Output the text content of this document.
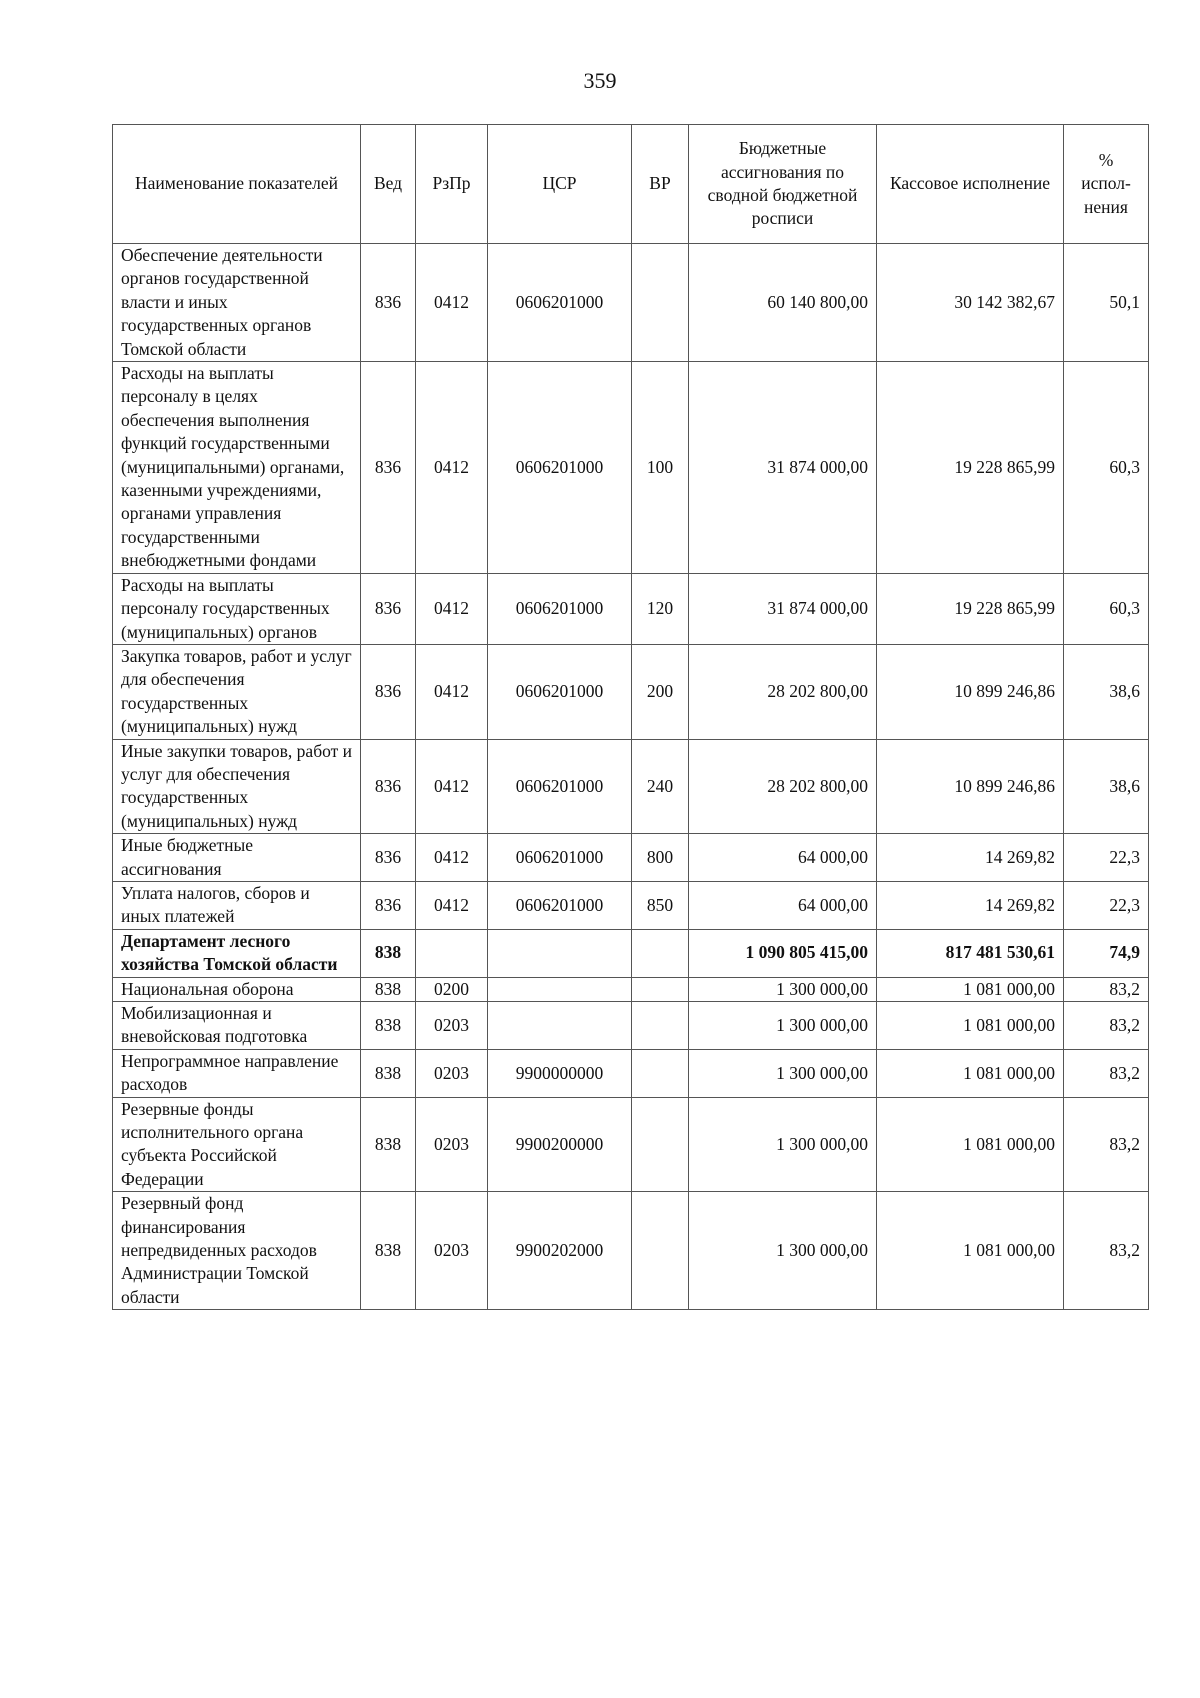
359
Наименование показателей	Вед	РзПр	ЦСР	ВР	Бюджетные ассигнования по сводной бюджетной росписи	Кассовое исполнение	% испол-нения
Обеспечение деятельности органов государственной власти и иных государственных органов Томской области	836	0412	0606201000		60 140 800,00	30 142 382,67	50,1
Расходы на выплаты персоналу в целях обеспечения выполнения функций государственными (муниципальными) органами, казенными учреждениями, органами управления государственными внебюджетными фондами	836	0412	0606201000	100	31 874 000,00	19 228 865,99	60,3
Расходы на выплаты персоналу государственных (муниципальных) органов	836	0412	0606201000	120	31 874 000,00	19 228 865,99	60,3
Закупка товаров, работ и услуг для обеспечения государственных (муниципальных) нужд	836	0412	0606201000	200	28 202 800,00	10 899 246,86	38,6
Иные закупки товаров, работ и услуг для обеспечения государственных (муниципальных) нужд	836	0412	0606201000	240	28 202 800,00	10 899 246,86	38,6
Иные бюджетные ассигнования	836	0412	0606201000	800	64 000,00	14 269,82	22,3
Уплата налогов, сборов и иных платежей	836	0412	0606201000	850	64 000,00	14 269,82	22,3
Департамент лесного хозяйства Томской области	838				1 090 805 415,00	817 481 530,61	74,9
Национальная оборона	838	0200			1 300 000,00	1 081 000,00	83,2
Мобилизационная и вневойсковая подготовка	838	0203			1 300 000,00	1 081 000,00	83,2
Непрограммное направление расходов	838	0203	9900000000		1 300 000,00	1 081 000,00	83,2
Резервные фонды исполнительного органа субъекта Российской Федерации	838	0203	9900200000		1 300 000,00	1 081 000,00	83,2
Резервный фонд финансирования непредвиденных расходов Администрации Томской области	838	0203	9900202000		1 300 000,00	1 081 000,00	83,2
